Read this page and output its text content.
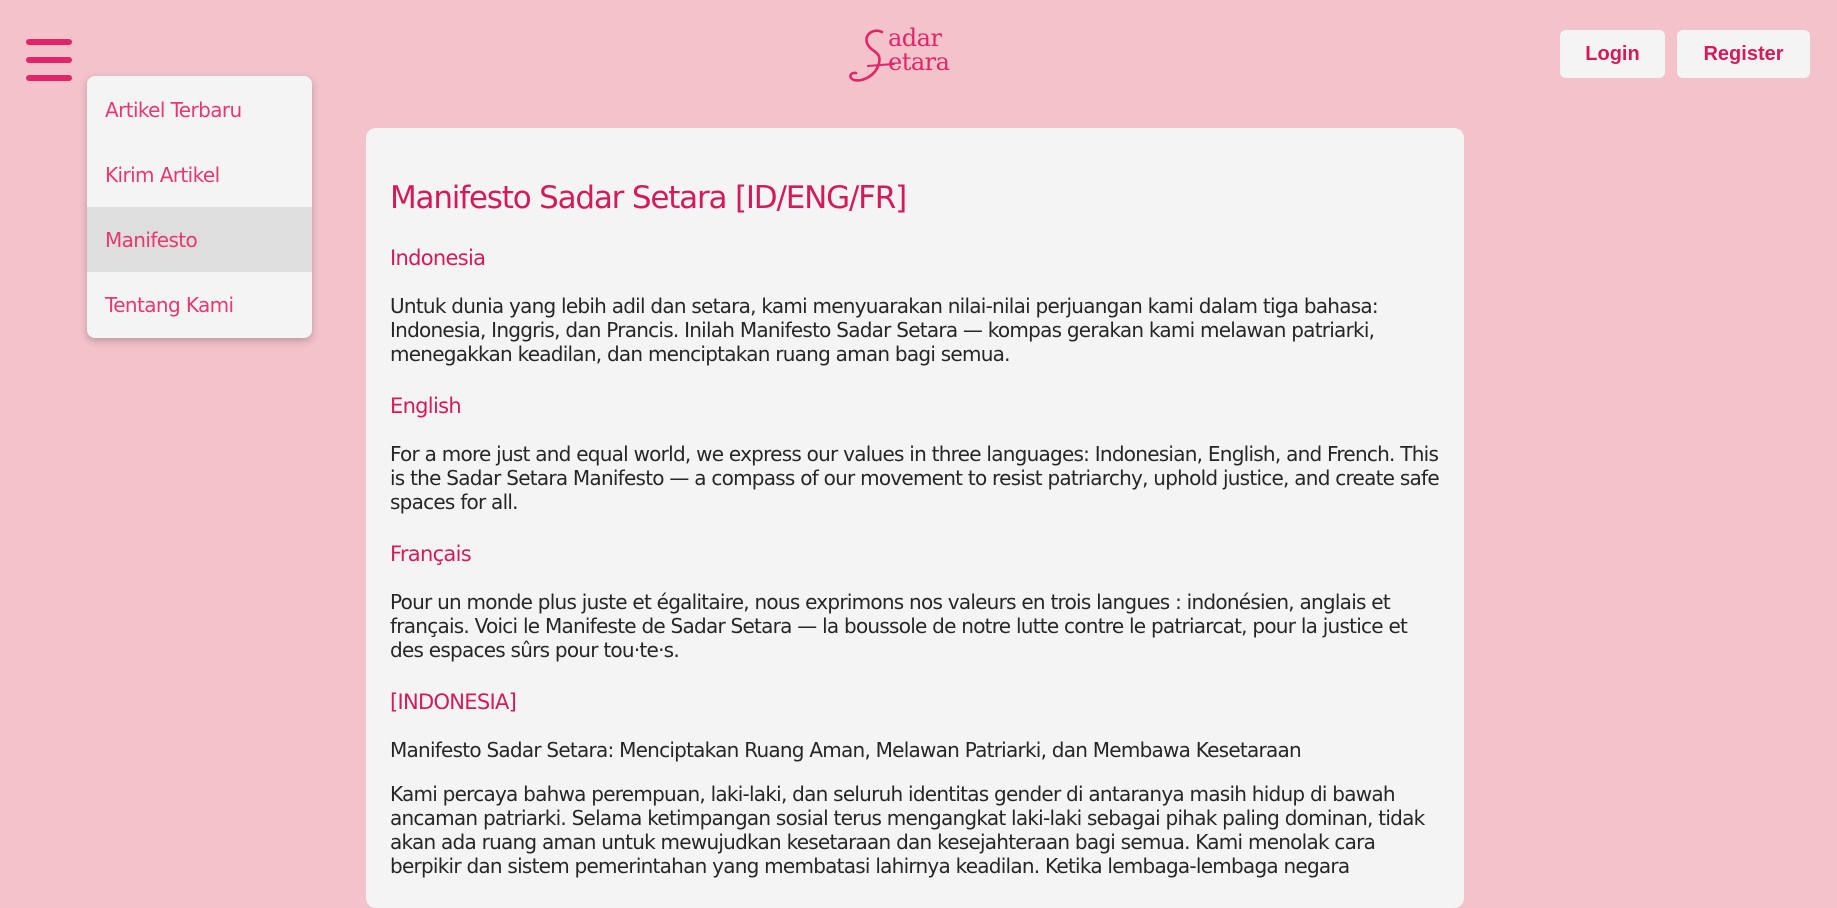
adar
etara	Login	Register
Artikel Terbaru
Kirim Artikel
Manifesto
Tentang Kami
Manifesto Sadar Setara [ID/ENG/FR]
Indonesia

Untuk dunia yang lebih adil dan setara, kami menyuarakan nilai-nilai perjuangan kami dalam tiga bahasa: Indonesia, Inggris, dan Prancis. Inilah Manifesto Sadar Setara — kompas gerakan kami melawan patriarki, menegakkan keadilan, dan menciptakan ruang aman bagi semua.

English

For a more just and equal world, we express our values in three languages: Indonesian, English, and French. This is the Sadar Setara Manifesto — a compass of our movement to resist patriarchy, uphold justice, and create safe spaces for all.

Français

Pour un monde plus juste et égalitaire, nous exprimons nos valeurs en trois langues : indonésien, anglais et français. Voici le Manifeste de Sadar Setara — la boussole de notre lutte contre le patriarcat, pour la justice et des espaces sûrs pour tou·te·s.

[INDONESIA]

Manifesto Sadar Setara: Menciptakan Ruang Aman, Melawan Patriarki, dan Membawa Kesetaraan

Kami percaya bahwa perempuan, laki-laki, dan seluruh identitas gender di antaranya masih hidup di bawah ancaman patriarki. Selama ketimpangan sosial terus mengangkat laki-laki sebagai pihak paling dominan, tidak akan ada ruang aman untuk mewujudkan kesetaraan dan kesejahteraan bagi semua. Kami menolak cara berpikir dan sistem pemerintahan yang membatasi lahirnya keadilan. Ketika lembaga-lembaga negara
